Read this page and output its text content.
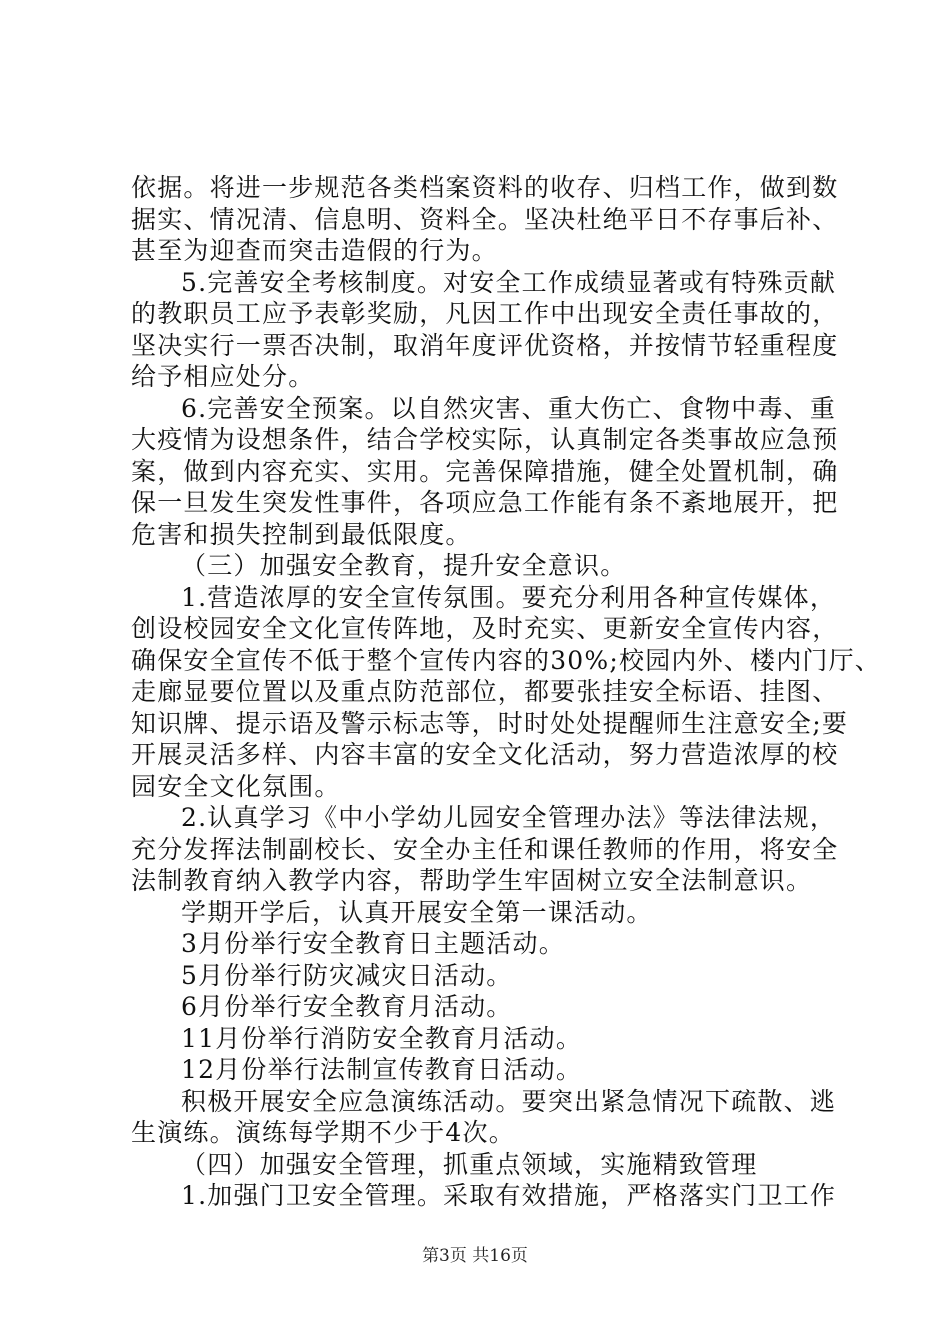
依据。将进一步规范各类档案资料的收存、归档工作，做到数
据实、情况清、信息明、资料全。坚决杜绝平日不存事后补、
甚至为迎查而突击造假的行为。
5.完善安全考核制度。对安全工作成绩显著或有特殊贡献
的教职员工应予表彰奖励，凡因工作中出现安全责任事故的，
坚决实行一票否决制，取消年度评优资格，并按情节轻重程度
给予相应处分。
6.完善安全预案。以自然灾害、重大伤亡、食物中毒、重
大疫情为设想条件，结合学校实际，认真制定各类事故应急预
案，做到内容充实、实用。完善保障措施，健全处置机制，确
保一旦发生突发性事件，各项应急工作能有条不紊地展开，把
危害和损失控制到最低限度。
（三）加强安全教育，提升安全意识。
1.营造浓厚的安全宣传氛围。要充分利用各种宣传媒体，
创设校园安全文化宣传阵地，及时充实、更新安全宣传内容，
确保安全宣传不低于整个宣传内容的30%;校园内外、楼内门厅、
走廊显要位置以及重点防范部位，都要张挂安全标语、挂图、
知识牌、提示语及警示标志等，时时处处提醒师生注意安全;要
开展灵活多样、内容丰富的安全文化活动，努力营造浓厚的校
园安全文化氛围。
2.认真学习《中小学幼儿园安全管理办法》等法律法规，
充分发挥法制副校长、安全办主任和课任教师的作用，将安全
法制教育纳入教学内容，帮助学生牢固树立安全法制意识。
学期开学后，认真开展安全第一课活动。
3月份举行安全教育日主题活动。
5月份举行防灾减灾日活动。
6月份举行安全教育月活动。
11月份举行消防安全教育月活动。
12月份举行法制宣传教育日活动。
积极开展安全应急演练活动。要突出紧急情况下疏散、逃
生演练。演练每学期不少于4次。
（四）加强安全管理，抓重点领域，实施精致管理
1.加强门卫安全管理。采取有效措施，严格落实门卫工作
第3页 共16页
